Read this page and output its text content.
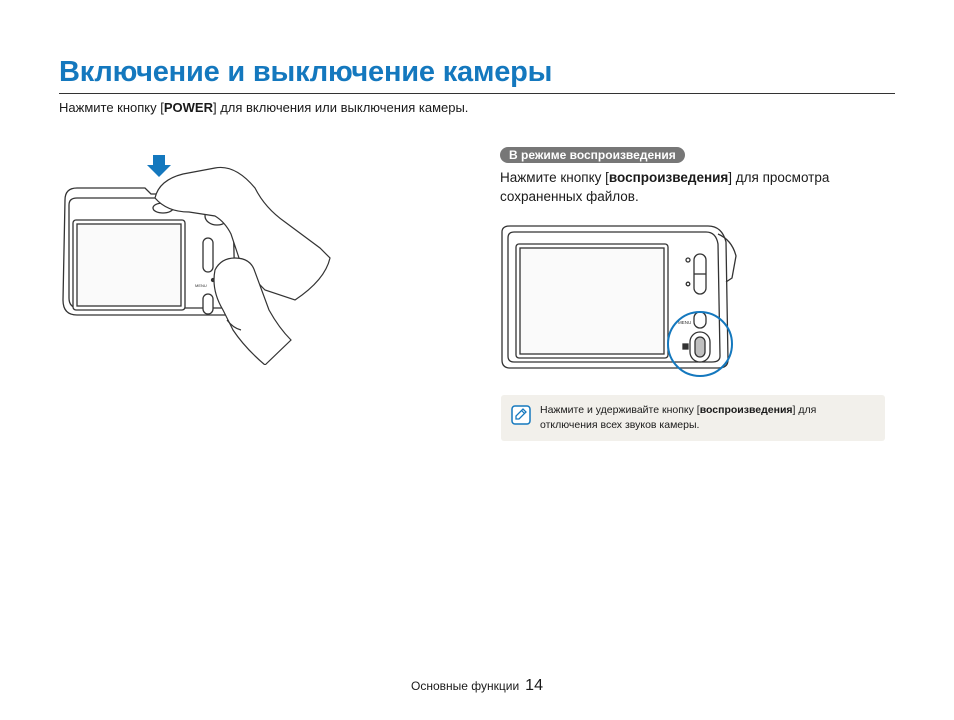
Включение и выключение камеры

Нажмите кнопку [POWER] для включения или выключения камеры.

MENU
В режиме воспроизведения

Нажмите кнопку [воспроизведения] для просмотра сохраненных файлов.

MENU
Нажмите и удерживайте кнопку [воспроизведения] для отключения всех звуков камеры.
Основные функции 14
